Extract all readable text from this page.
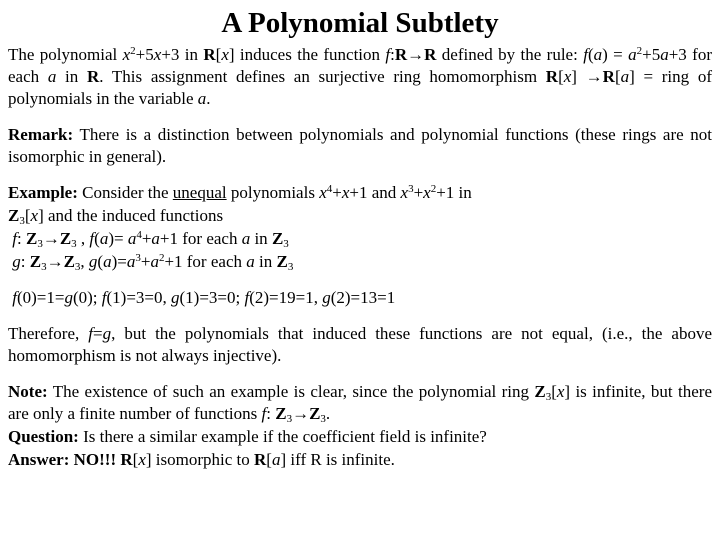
A Polynomial Subtlety

The polynomial $x^2+5x+3$ in R[x] induces the function f:R→R defined by the rule: $f(a) = a^2+5a+3$ for each a in R. This assignment defines an surjective ring homomorphism R[x] →R[a] = ring of polynomials in the variable a.

Remark: There is a distinction between polynomials and polynomial functions (these rings are not isomorphic in general).

Example: Consider the unequal polynomials $x^4+x+1$ and $x^3+x^2+1$ in

$Z_3[x]$ and the induced functions

f: $Z_3\to Z_3$ , $f(a)= a^4+a+1$ for each a in $Z_3$

g: $Z_3\to Z_3$, $g(a)=a^3+a^2+1$ for each a in $Z_3$

f(0)=1=g(0); f(1)=3=0, g(1)=3=0; f(2)=19=1, g(2)=13=1

Therefore, f=g, but the polynomials that induced these functions are not equal, (i.e., the above homomorphism is not always injective).

Note: The existence of such an example is clear, since the polynomial ring $Z_3[x]$ is infinite, but there are only a finite number of functions f: $Z_3\to Z_3$.

Question: Is there a similar example if the coefficient field is infinite?

Answer: NO!!! R[x] isomorphic to R[a] iff R is infinite.
